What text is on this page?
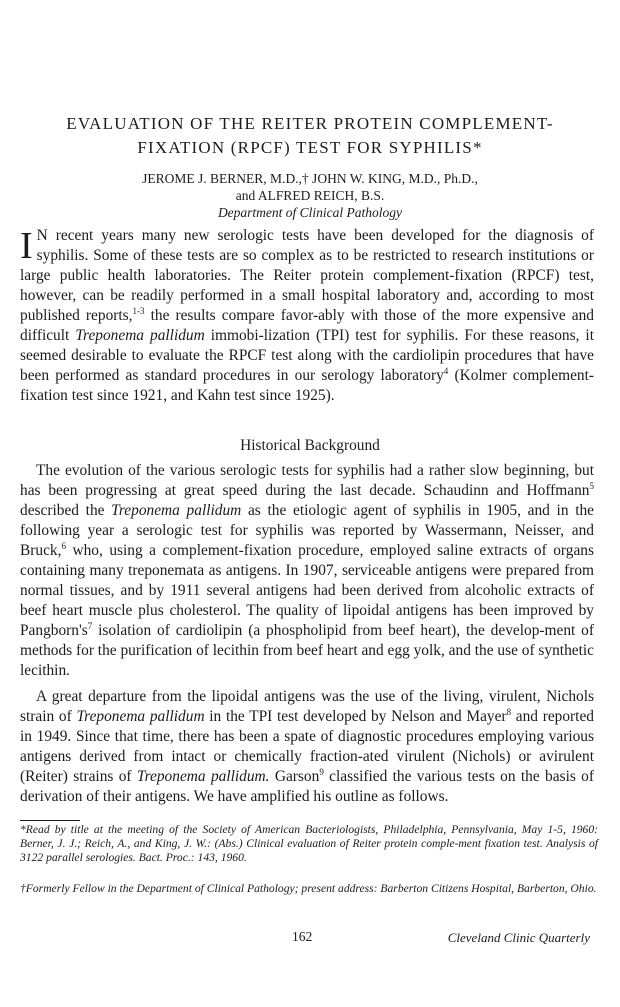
EVALUATION OF THE REITER PROTEIN COMPLEMENT-
FIXATION (RPCF) TEST FOR SYPHILIS*
JEROME J. BERNER, M.D.,† JOHN W. KING, M.D., Ph.D.,
and ALFRED REICH, B.S.
Department of Clinical Pathology

I N recent years many new serologic tests have been developed for the diagnosis of syphilis. Some of these tests are so complex as to be restricted to research institutions or large public health laboratories. The Reiter protein complement-fixation (RPCF) test, however, can be readily performed in a small hospital laboratory and, according to most published reports,$^{1-3}$ the results compare favor-ably with those of the more expensive and difficult Treponema pallidum immobi-lization (TPI) test for syphilis. For these reasons, it seemed desirable to evaluate the RPCF test along with the cardiolipin procedures that have been performed as standard procedures in our serology laboratory$^4$ (Kolmer complement-fixation test since 1921, and Kahn test since 1925).

Historical Background

The evolution of the various serologic tests for syphilis had a rather slow beginning, but has been progressing at great speed during the last decade. Schaudinn and Hoffmann$^5$ described the Treponema pallidum as the etiologic agent of syphilis in 1905, and in the following year a serologic test for syphilis was reported by Wassermann, Neisser, and Bruck,$^6$ who, using a complement-fixation procedure, employed saline extracts of organs containing many treponemata as antigens. In 1907, serviceable antigens were prepared from normal tissues, and by 1911 several antigens had been derived from alcoholic extracts of beef heart muscle plus cholesterol. The quality of lipoidal antigens has been improved by $Pangborn's^7$ isolation of cardiolipin (a phospholipid from beef heart), the develop-ment of methods for the purification of lecithin from beef heart and egg yolk, and the use of synthetic lecithin.

A great departure from the lipoidal antigens was the use of the living, virulent, Nichols strain of Treponema pallidum in the TPI test developed by Nelson and Mayer$^8$ and reported in 1949. Since that time, there has been a spate of diagnostic procedures employing various antigens derived from intact or chemically fraction-ated virulent (Nichols) or avirulent (Reiter) strains of Treponema pallidum. Garson$^9$ classified the various tests on the basis of derivation of their antigens. We have amplified his outline as follows.

*Read by title at the meeting of the Society of American Bacteriologists, Philadelphia, Pennsylvania, May 1-5, 1960: Berner, J. J.; Reich, A., and King, J. W.: (Abs.) Clinical evaluation of Reiter protein comple-ment fixation test. Analysis of 3122 parallel serologies. Bact. Proc.: 143, 1960.

†Formerly Fellow in the Department of Clinical Pathology; present address: Barberton Citizens Hospital, Barberton, Ohio.

162	Cleveland Clinic Quarterly
